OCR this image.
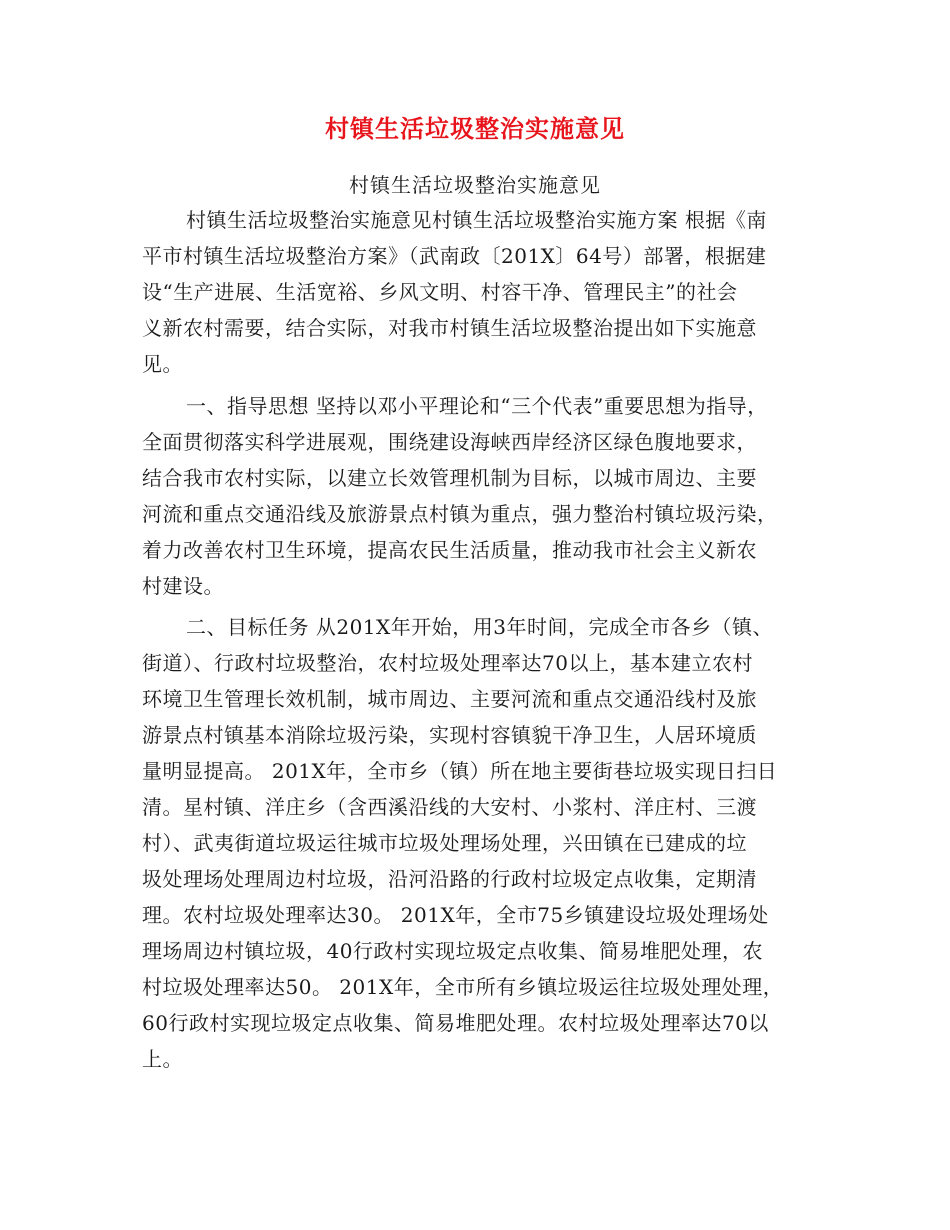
村镇生活垃圾整治实施意见
村镇生活垃圾整治实施意见
村镇生活垃圾整治实施意见村镇生活垃圾整治实施方案 根据《南
平市村镇生活垃圾整治方案》（武南政〔201X〕64号）部署，根据建
设“生产进展、生活宽裕、乡风文明、村容干净、管理民主”的社会
义新农村需要，结合实际，对我市村镇生活垃圾整治提出如下实施意
见。
一、指导思想 坚持以邓小平理论和“三个代表”重要思想为指导，
全面贯彻落实科学进展观，围绕建设海峡西岸经济区绿色腹地要求，
结合我市农村实际，以建立长效管理机制为目标，以城市周边、主要
河流和重点交通沿线及旅游景点村镇为重点，强力整治村镇垃圾污染，
着力改善农村卫生环境，提高农民生活质量，推动我市社会主义新农
村建设。
二、目标任务 从201X年开始，用3年时间，完成全市各乡（镇、
街道）、行政村垃圾整治，农村垃圾处理率达70以上，基本建立农村
环境卫生管理长效机制，城市周边、主要河流和重点交通沿线村及旅
游景点村镇基本消除垃圾污染，实现村容镇貌干净卫生，人居环境质
量明显提高。 201X年，全市乡（镇）所在地主要街巷垃圾实现日扫日
清。星村镇、洋庄乡（含西溪沿线的大安村、小浆村、洋庄村、三渡
村）、武夷街道垃圾运往城市垃圾处理场处理，兴田镇在已建成的垃
圾处理场处理周边村垃圾，沿河沿路的行政村垃圾定点收集，定期清
理。农村垃圾处理率达30。 201X年，全市75乡镇建设垃圾处理场处
理场周边村镇垃圾，40行政村实现垃圾定点收集、简易堆肥处理，农
村垃圾处理率达50。 201X年，全市所有乡镇垃圾运往垃圾处理处理，
60行政村实现垃圾定点收集、简易堆肥处理。农村垃圾处理率达70以
上。
